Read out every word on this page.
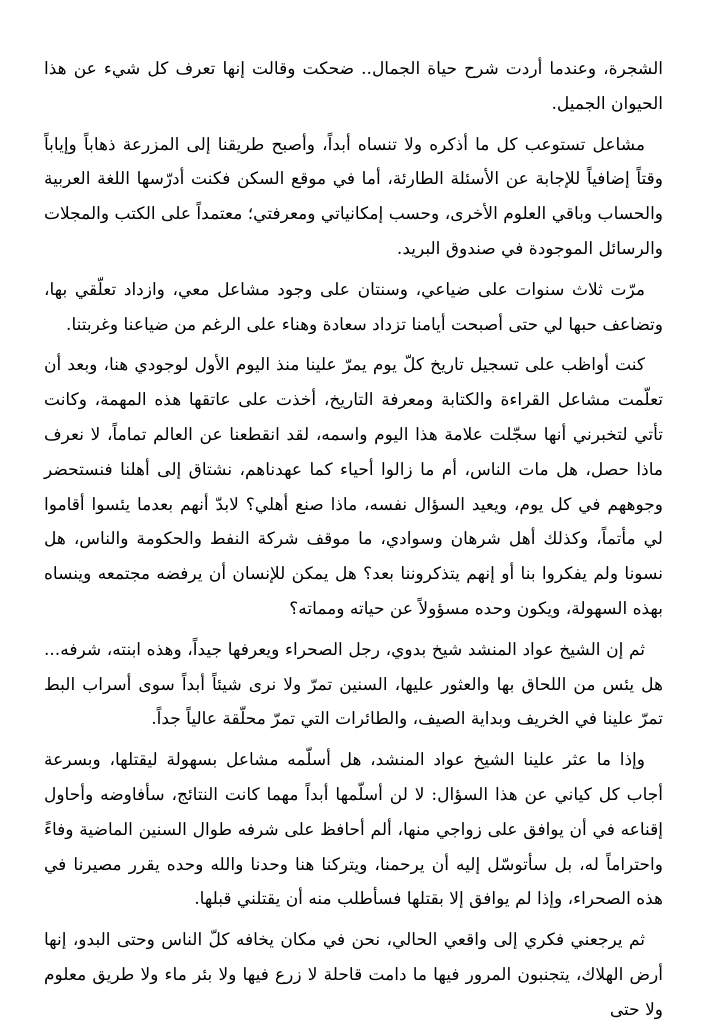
الشجرة، وعندما أردت شرح حياة الجمال.. ضحكت وقالت إنها تعرف كل شيء عن هذا الحيوان الجميل.

مشاعل تستوعب كل ما أذكره ولا تنساه أبداً، وأصبح طريقنا إلى المزرعة ذهاباً وإياباً وقتاً إضافياً للإجابة عن الأسئلة الطارئة، أما في موقع السكن فكنت أدرّسها اللغة العربية والحساب وباقي العلوم الأخرى، وحسب إمكانياتي ومعرفتي؛ معتمداً على الكتب والمجلات والرسائل الموجودة في صندوق البريد.

مرّت ثلاث سنوات على ضياعي، وسنتان على وجود مشاعل معي، وازداد تعلّقي بها، وتضاعف حبها لي حتى أصبحت أيامنا تزداد سعادة وهناء على الرغم من ضياعنا وغربتنا.

كنت أواظب على تسجيل تاريخ كلّ يوم يمرّ علينا منذ اليوم الأول لوجودي هنا، وبعد أن تعلّمت مشاعل القراءة والكتابة ومعرفة التاريخ، أخذت على عاتقها هذه المهمة، وكانت تأتي لتخبرني أنها سجّلت علامة هذا اليوم واسمه، لقد انقطعنا عن العالم تماماً، لا نعرف ماذا حصل، هل مات الناس، أم ما زالوا أحياء كما عهدناهم، نشتاق إلى أهلنا فنستحضر وجوههم في كل يوم، ويعيد السؤال نفسه، ماذا صنع أهلي؟ لابدّ أنهم بعدما يئسوا أقاموا لي مأتماً، وكذلك أهل شرهان وسوادي، ما موقف شركة النفط والحكومة والناس، هل نسونا ولم يفكروا بنا أو إنهم يتذكروننا بعد؟ هل يمكن للإنسان أن يرفضه مجتمعه وينساه بهذه السهولة، ويكون وحده مسؤولاً عن حياته ومماته؟

ثم إن الشيخ عواد المنشد شيخ بدوي، رجل الصحراء ويعرفها جيداً، وهذه ابنته، شرفه... هل يئس من اللحاق بها والعثور عليها، السنين تمرّ ولا نرى شيئاً أبداً سوى أسراب البط تمرّ علينا في الخريف وبداية الصيف، والطائرات التي تمرّ محلّقة عالياً جداً.

وإذا ما عثر علينا الشيخ عواد المنشد، هل أسلّمه مشاعل بسهولة ليقتلها، وبسرعة أجاب كل كياني عن هذا السؤال: لا لن أسلّمها أبداً مهما كانت النتائج، سأفاوضه وأحاول إقناعه في أن يوافق على زواجي منها، ألم أحافظ على شرفه طوال السنين الماضية وفاءً واحتراماً له، بل سأتوسّل إليه أن يرحمنا، ويتركنا هنا وحدنا والله وحده يقرر مصيرنا في هذه الصحراء، وإذا لم يوافق إلا بقتلها فسأطلب منه أن يقتلني قبلها.

ثم يرجعني فكري إلى واقعي الحالي، نحن في مكان يخافه كلّ الناس وحتى البدو، إنها أرض الهلاك، يتجنبون المرور فيها ما دامت قاحلة لا زرع فيها ولا بئر ماء ولا طريق معلوم ولا حتى
